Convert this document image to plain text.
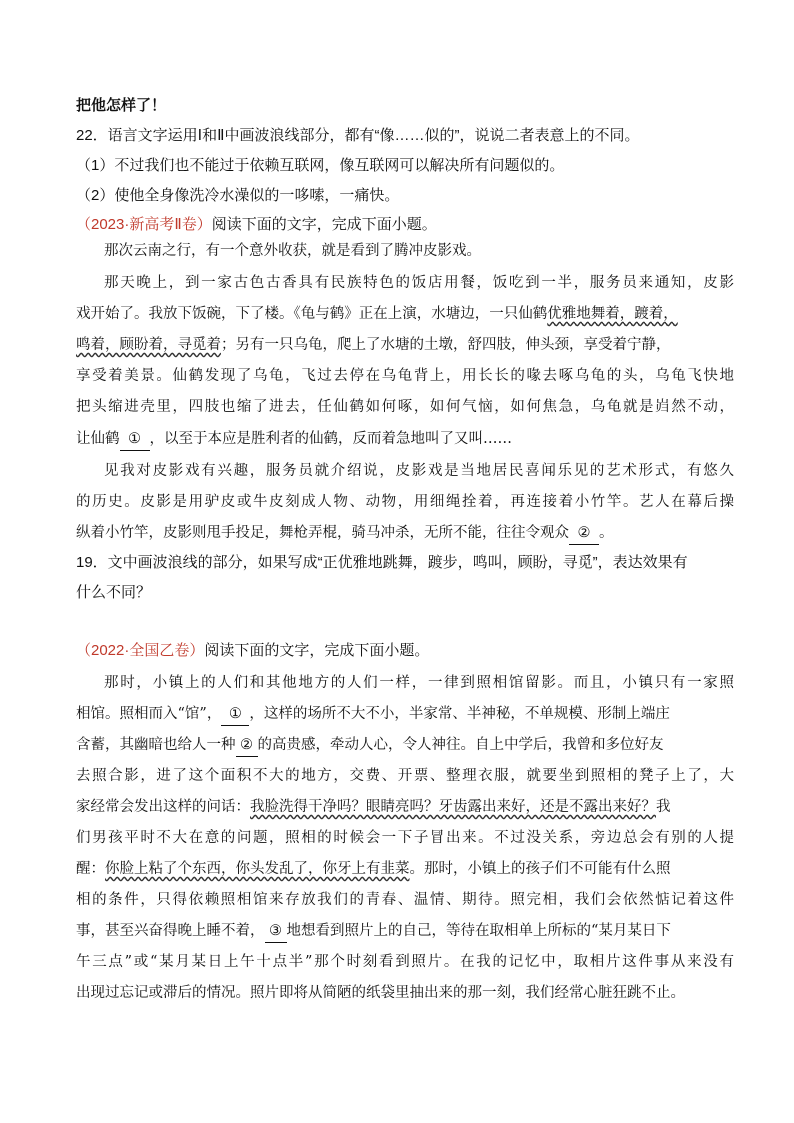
把他怎样了！
22．语言文字运用Ⅰ和Ⅱ中画波浪线部分，都有“像……似的”，说说二者表意上的不同。
（1）不过我们也不能过于依赖互联网，像互联网可以解决所有问题似的。
（2）使他全身像洗冷水澡似的一哆嗦，一痛快。
（2023·新高考Ⅱ卷）阅读下面的文字，完成下面小题。
那次云南之行，有一个意外收获，就是看到了腾冲皮影戏。
那天晚上，到一家古色古香具有民族特色的饭店用餐，饭吃到一半，服务员来通知，皮影
戏开始了。我放下饭碗，下了楼。《龟与鹤》正在上演，水塘边，一只仙鹤优雅地舞着，踱着，
鸣着，顾盼着，寻觅着；另有一只乌龟，爬上了水塘的土墩，舒四肢，伸头颈，享受着宁静，
享受着美景。仙鹤发现了乌龟，飞过去停在乌龟背上，用长长的喙去啄乌龟的头，乌龟飞快地
把头缩进壳里，四肢也缩了进去，任仙鹤如何啄，如何气恼，如何焦急，乌龟就是岿然不动，
让仙鹤 ① ，以至于本应是胜利者的仙鹤，反而着急地叫了又叫……
见我对皮影戏有兴趣，服务员就介绍说，皮影戏是当地居民喜闻乐见的艺术形式，有悠久
的历史。皮影是用驴皮或牛皮刻成人物、动物，用细绳拴着，再连接着小竹竿。艺人在幕后操
纵着小竹竿，皮影则甩手投足，舞枪弄棍，骑马冲杀，无所不能，往往令观众 ② 。
19．文中画波浪线的部分，如果写成“正优雅地跳舞，踱步，鸣叫，顾盼，寻觅”，表达效果有
什么不同？
（2022·全国乙卷）阅读下面的文字，完成下面小题。
那时，小镇上的人们和其他地方的人们一样，一律到照相馆留影。而且，小镇只有一家照
相馆。照相而入“馆”， ① ，这样的场所不大不小，半家常、半神秘，不单规模、形制上端庄
含蓄，其幽暗也给人一种 ② 的高贵感，牵动人心，令人神往。自上中学后，我曾和多位好友
去照合影，进了这个面积不大的地方，交费、开票、整理衣服，就要坐到照相的凳子上了，大
家经常会发出这样的问话：我脸洗得干净吗？眼睛亮吗？牙齿露出来好，还是不露出来好？我
们男孩平时不大在意的问题，照相的时候会一下子冒出来。不过没关系，旁边总会有别的人提
醒：你脸上粘了个东西，你头发乱了，你牙上有韭菜。那时，小镇上的孩子们不可能有什么照
相的条件，只得依赖照相馆来存放我们的青春、温情、期待。照完相，我们会依然惦记着这件
事，甚至兴奋得晚上睡不着， ③ 地想看到照片上的自己，等待在取相单上所标的“某月某日下
午三点”或“某月某日上午十点半”那个时刻看到照片。在我的记忆中，取相片这件事从来没有
出现过忘记或滞后的情况。照片即将从简陋的纸袋里抽出来的那一刻，我们经常心脏狂跳不止。
